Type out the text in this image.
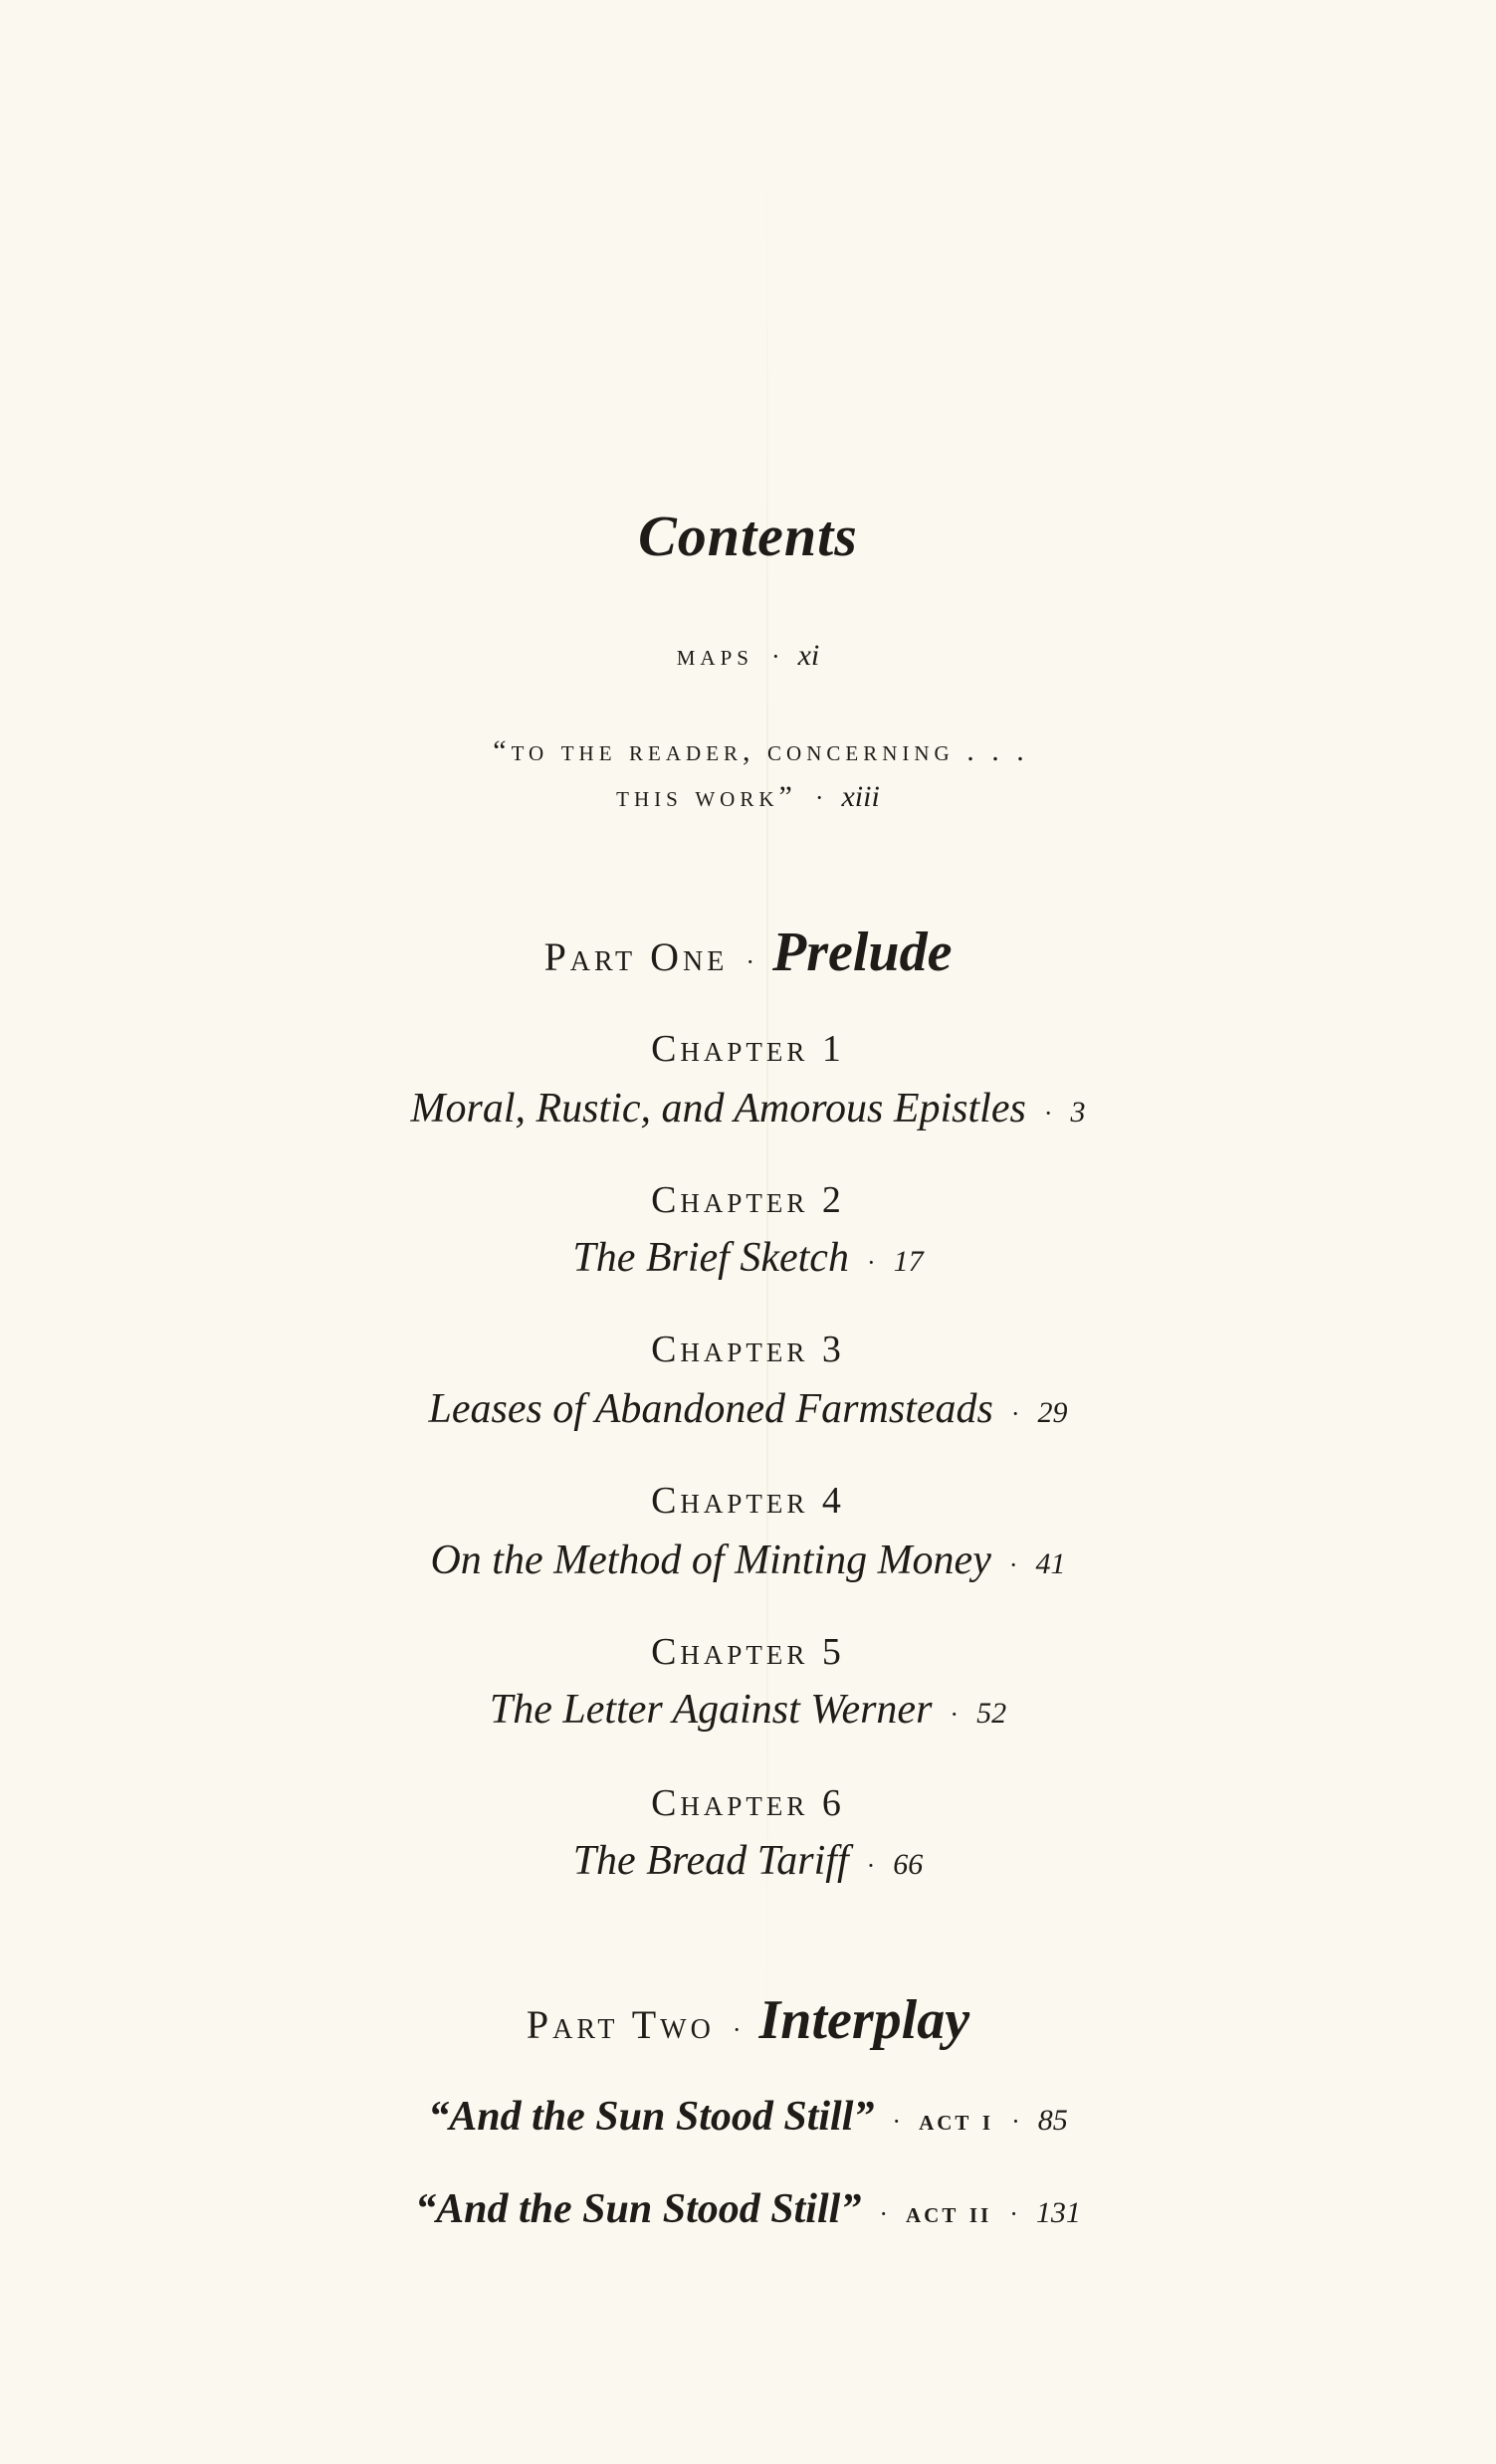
Contents
maps · xi
“to the reader, concerning . . .
this work” · xiii
Part One · Prelude
Chapter 1
Moral, Rustic, and Amorous Epistles · 3
Chapter 2
The Brief Sketch · 17
Chapter 3
Leases of Abandoned Farmsteads · 29
Chapter 4
On the Method of Minting Money · 41
Chapter 5
The Letter Against Werner · 52
Chapter 6
The Bread Tariff · 66
Part Two · Interplay
“And the Sun Stood Still” · act i · 85
“And the Sun Stood Still” · act ii · 131
